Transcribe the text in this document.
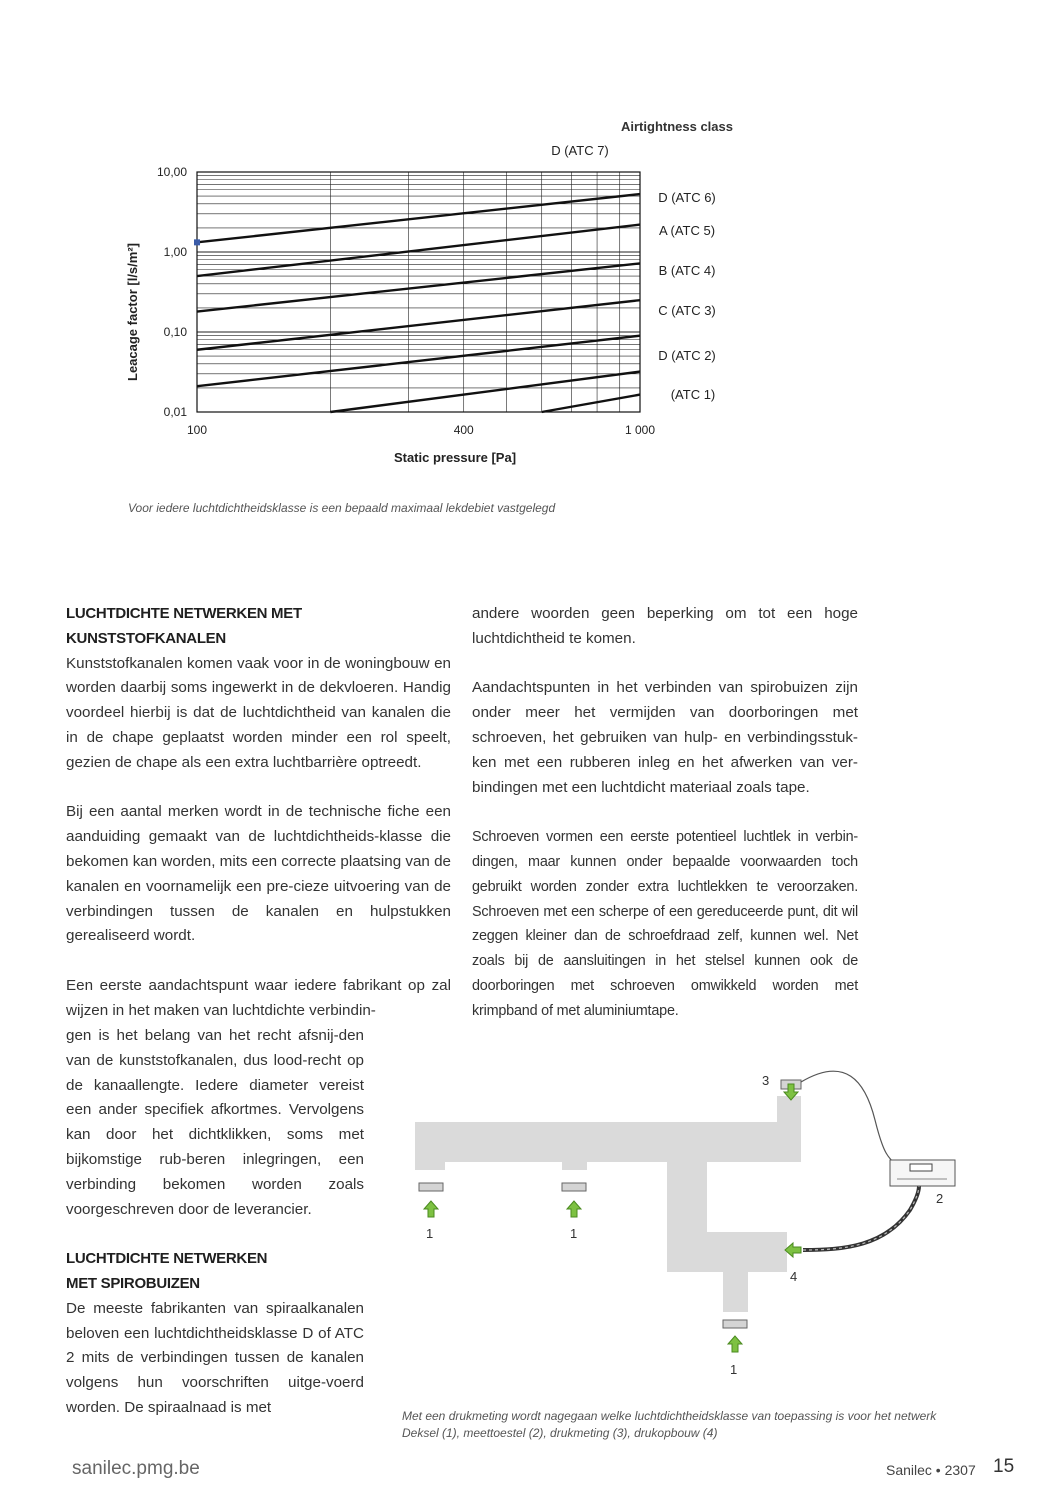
10,00
1,00
0,10
0,01
100	400	1 000
D (ATC 7)
D (ATC 6)
A (ATC 5)
B (ATC 4)
C (ATC 3)
D (ATC 2)
(ATC 1)
Airtightness class
Static pressure [Pa]
Leacage factor [l/s/m²]
Voor iedere luchtdichtheidsklasse is een bepaald maximaal lekdebiet vastgelegd
LUCHTDICHTE NETWERKEN MET KUNSTSTOFKANALEN

Kunststofkanalen komen vaak voor in de woningbouw en worden daarbij soms ingewerkt in de dekvloeren. Handig voordeel hierbij is dat de luchtdichtheid van kanalen die in de chape geplaatst worden minder een rol speelt, gezien de chape als een extra luchtbarrière optreedt.

Bij een aantal merken wordt in de technische fiche een aanduiding gemaakt van de luchtdichtheids-klasse die bekomen kan worden, mits een correcte plaatsing van de kanalen en voornamelijk een pre-cieze uitvoering van de verbindingen tussen de kanalen en hulpstukken gerealiseerd wordt.

Een eerste aandachtspunt waar iedere fabrikant op zal wijzen in het maken van luchtdichte verbindin-

gen is het belang van het recht afsnij-den van de kunststofkanalen, dus lood-recht op de kanaallengte. Iedere diameter vereist een ander specifiek afkortmes. Vervolgens kan door het dichtklikken, soms met bijkomstige rub-beren inlegringen, een verbinding bekomen worden zoals voorgeschreven door de leverancier.

LUCHTDICHTE NETWERKEN
MET SPIROBUIZEN

De meeste fabrikanten van spiraalkanalen beloven een luchtdichtheidsklasse D of ATC 2 mits de verbindingen tussen de kanalen volgens hun voorschriften uitge-voerd worden. De spiraalnaad is met

andere woorden geen beperking om tot een hoge luchtdichtheid te komen.

Aandachtspunten in het verbinden van spirobuizen zijn onder meer het vermijden van doorboringen met schroeven, het gebruiken van hulp- en verbindingsstuk-ken met een rubberen inleg en het afwerken van ver-bindingen met een luchtdicht materiaal zoals tape.

Schroeven vormen een eerste potentieel luchtlek in verbin-dingen, maar kunnen onder bepaalde voorwaarden toch gebruikt worden zonder extra luchtlekken te veroorzaken. Schroeven met een scherpe of een gereduceerde punt, dit wil zeggen kleiner dan de schroefdraad zelf, kunnen wel. Net zoals bij de aansluitingen in het stelsel kunnen ook de doorboringen met schroeven omwikkeld worden met krimpband of met aluminiumtape.

1	1
1
2
3
4
Met een drukmeting wordt nagegaan welke luchtdichtheidsklasse van toepassing is voor het netwerk
Deksel (1), meettoestel (2), drukmeting (3), drukopbouw (4)
sanilec.pmg.be	Sanilec • 2307 15
